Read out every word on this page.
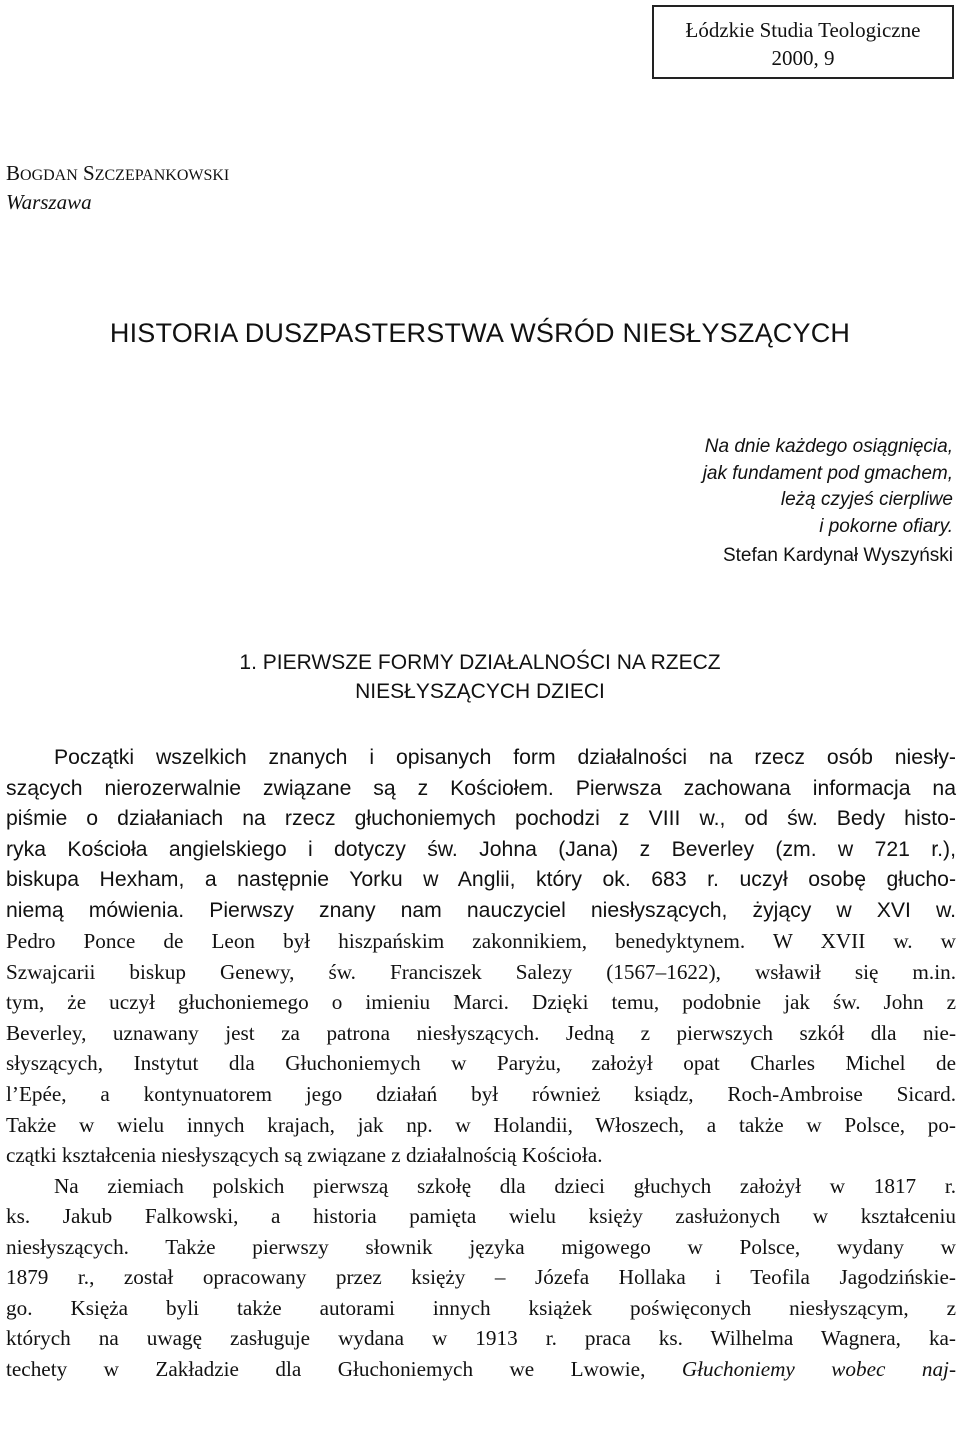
Łódzkie Studia Teologiczne
2000, 9
BOGDAN SZCZEPANKOWSKI
Warszawa
HISTORIA DUSZPASTERSTWA WŚRÓD NIESŁYSZĄCYCH
Na dnie każdego osiągnięcia,
jak fundament pod gmachem,
leżą czyjeś cierpliwe
i pokorne ofiary.
Stefan Kardynał Wyszyński
1. PIERWSZE FORMY DZIAŁALNOŚCI NA RZECZ
NIESŁYSZĄCYCH DZIECI
Początki wszelkich znanych i opisanych form działalności na rzecz osób niesły-
szących nierozerwalnie związane są z Kościołem. Pierwsza zachowana informacja na
piśmie o działaniach na rzecz głuchoniemych pochodzi z VIII w., od św. Bedy histo-
ryka Kościoła angielskiego i dotyczy św. Johna (Jana) z Beverley (zm. w 721 r.),
biskupa Hexham, a następnie Yorku w Anglii, który ok. 683 r. uczył osobę głucho-
niemą mówienia. Pierwszy znany nam nauczyciel niesłyszących, żyjący w XVI w.
Pedro Ponce de Leon był hiszpańskim zakonnikiem, benedyktynem. W XVII w. w
Szwajcarii biskup Genewy, św. Franciszek Salezy (1567–1622), wsławił się m.in.
tym, że uczył głuchoniemego o imieniu Marci. Dzięki temu, podobnie jak św. John z
Beverley, uznawany jest za patrona niesłyszących. Jedną z pierwszych szkół dla nie-
słyszących, Instytut dla Głuchoniemych w Paryżu, założył opat Charles Michel de
l’Epée, a kontynuatorem jego działań był również ksiądz, Roch-Ambroise Sicard.
Także w wielu innych krajach, jak np. w Holandii, Włoszech, a także w Polsce, po-
czątki kształcenia niesłyszących są związane z działalnością Kościoła.
Na ziemiach polskich pierwszą szkołę dla dzieci głuchych założył w 1817 r.
ks. Jakub Falkowski, a historia pamięta wielu księży zasłużonych w kształceniu
niesłyszących. Także pierwszy słownik języka migowego w Polsce, wydany w
1879 r., został opracowany przez księży – Józefa Hollaka i Teofila Jagodzińskie-
go. Księża byli także autorami innych książek poświęconych niesłyszącym, z
których na uwagę zasługuje wydana w 1913 r. praca ks. Wilhelma Wagnera, ka-
techety w Zakładzie dla Głuchoniemych we Lwowie, Głuchoniemy wobec naj-
